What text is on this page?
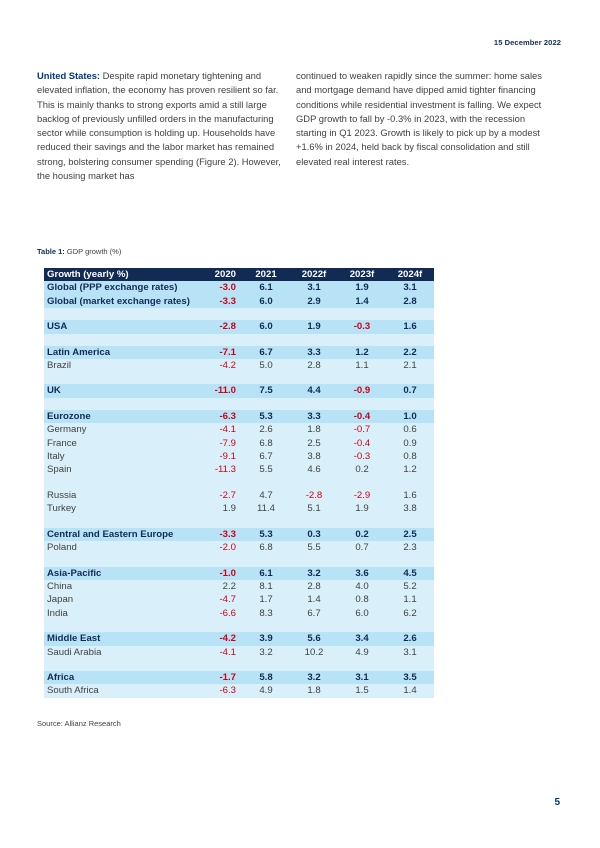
15 December 2022
United States: Despite rapid monetary tightening and elevated inflation, the economy has proven resilient so far. This is mainly thanks to strong exports amid a still large backlog of previously unfilled orders in the manufacturing sector while consumption is holding up. Households have reduced their savings and the labor market has remained strong, bolstering consumer spending (Figure 2). However, the housing market has
continued to weaken rapidly since the summer: home sales and mortgage demand have dipped amid tighter financing conditions while residential investment is falling. We expect GDP growth to fall by -0.3% in 2023, with the recession starting in Q1 2023. Growth is likely to pick up by a modest +1.6% in 2024, held back by fiscal consolidation and still elevated real interest rates.
Table 1: GDP growth (%)
Growth (yearly %)	2020	2021	2022f	2023f	2024f
Global (PPP exchange rates)	-3.0	6.1	3.1	1.9	3.1
Global (market exchange rates)	-3.3	6.0	2.9	1.4	2.8

USA	-2.8	6.0	1.9	-0.3	1.6

Latin America	-7.1	6.7	3.3	1.2	2.2
Brazil	-4.2	5.0	2.8	1.1	2.1

UK	-11.0	7.5	4.4	-0.9	0.7

Eurozone	-6.3	5.3	3.3	-0.4	1.0
Germany	-4.1	2.6	1.8	-0.7	0.6
France	-7.9	6.8	2.5	-0.4	0.9
Italy	-9.1	6.7	3.8	-0.3	0.8
Spain	-11.3	5.5	4.6	0.2	1.2

Russia	-2.7	4.7	-2.8	-2.9	1.6
Turkey	1.9	11.4	5.1	1.9	3.8

Central and Eastern Europe	-3.3	5.3	0.3	0.2	2.5
Poland	-2.0	6.8	5.5	0.7	2.3

Asia-Pacific	-1.0	6.1	3.2	3.6	4.5
China	2.2	8.1	2.8	4.0	5.2
Japan	-4.7	1.7	1.4	0.8	1.1
India	-6.6	8.3	6.7	6.0	6.2

Middle East	-4.2	3.9	5.6	3.4	2.6
Saudi Arabia	-4.1	3.2	10.2	4.9	3.1

Africa	-1.7	5.8	3.2	3.1	3.5
South Africa	-6.3	4.9	1.8	1.5	1.4
Source: Allianz Research
5
